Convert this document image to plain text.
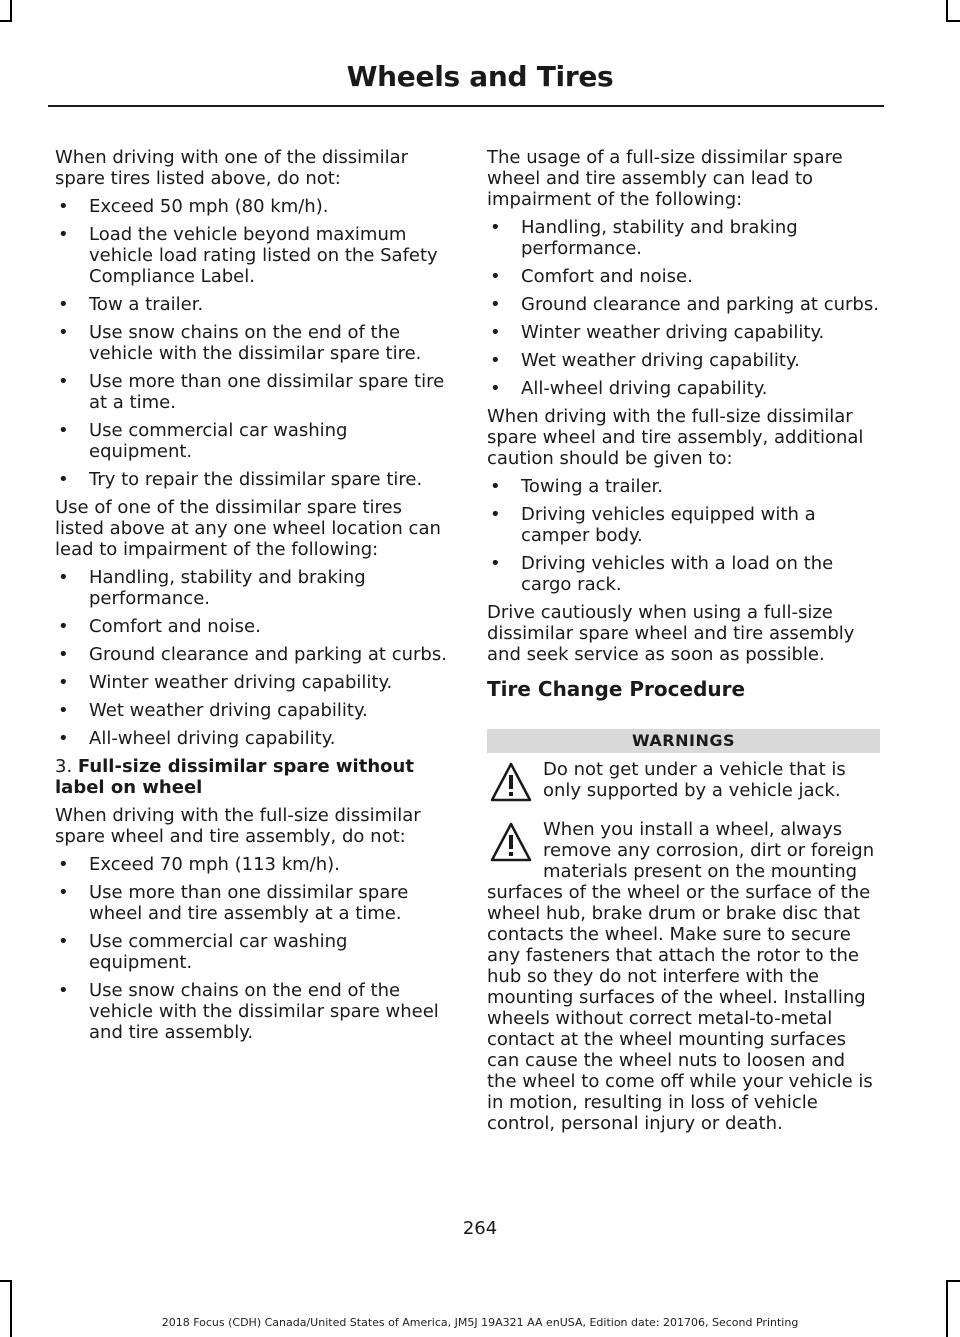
Wheels and Tires

When driving with one of the dissimilar spare tires listed above, do not:

• Exceed 50 mph (80 km/h).
• Load the vehicle beyond maximum vehicle load rating listed on the Safety Compliance Label.
• Tow a trailer.
• Use snow chains on the end of the vehicle with the dissimilar spare tire.
• Use more than one dissimilar spare tire at a time.
• Use commercial car washing equipment.
• Try to repair the dissimilar spare tire.

Use of one of the dissimilar spare tires listed above at any one wheel location can lead to impairment of the following:

• Handling, stability and braking performance.
• Comfort and noise.
• Ground clearance and parking at curbs.
• Winter weather driving capability.
• Wet weather driving capability.
• All-wheel driving capability.

3. Full-size dissimilar spare without label on wheel

When driving with the full-size dissimilar spare wheel and tire assembly, do not:

• Exceed 70 mph (113 km/h).
• Use more than one dissimilar spare wheel and tire assembly at a time.
• Use commercial car washing equipment.
• Use snow chains on the end of the vehicle with the dissimilar spare wheel and tire assembly.

The usage of a full-size dissimilar spare wheel and tire assembly can lead to impairment of the following:

• Handling, stability and braking performance.
• Comfort and noise.
• Ground clearance and parking at curbs.
• Winter weather driving capability.
• Wet weather driving capability.
• All-wheel driving capability.

When driving with the full-size dissimilar spare wheel and tire assembly, additional caution should be given to:

• Towing a trailer.
• Driving vehicles equipped with a camper body.
• Driving vehicles with a load on the cargo rack.

Drive cautiously when using a full-size dissimilar spare wheel and tire assembly and seek service as soon as possible.

Tire Change Procedure
WARNINGS
Do not get under a vehicle that is only supported by a vehicle jack.
When you install a wheel, always remove any corrosion, dirt or foreign materials present on the mounting surfaces of the wheel or the surface of the wheel hub, brake drum or brake disc that contacts the wheel. Make sure to secure any fasteners that attach the rotor to the hub so they do not interfere with the mounting surfaces of the wheel. Installing wheels without correct metal-to-metal contact at the wheel mounting surfaces can cause the wheel nuts to loosen and the wheel to come off while your vehicle is in motion, resulting in loss of vehicle control, personal injury or death.
264
2018 Focus (CDH) Canada/United States of America, JM5J 19A321 AA enUSA, Edition date: 201706, Second Printing
